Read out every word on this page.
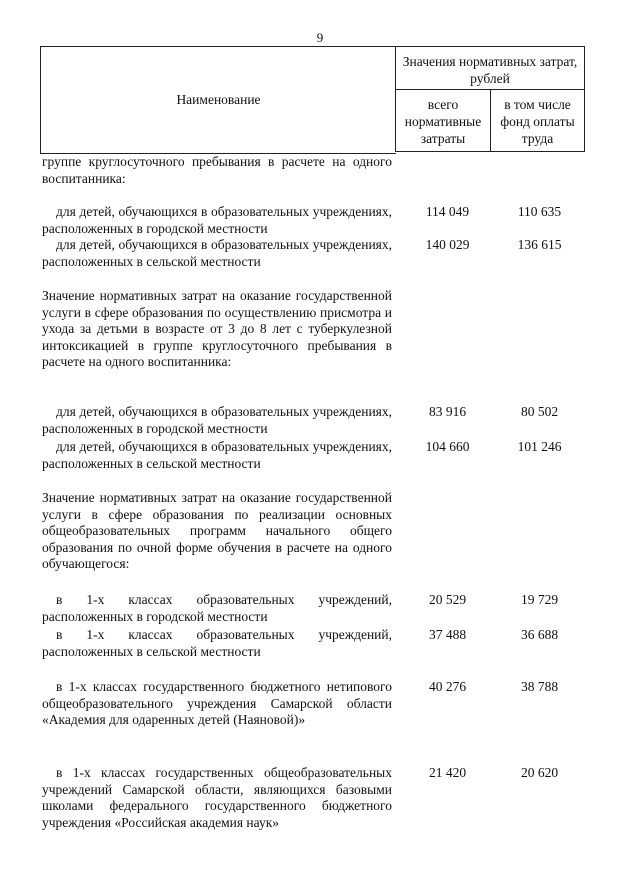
9
Наименование
Значения нормативных затрат, рублей
всего нормативные затраты
в том числе фонд оплаты труда
группе круглосуточного пребывания в расчете на одного воспитанника:
для детей, обучающихся в образовательных учреждениях, расположенных в городской местности
114 049	110 635
для детей, обучающихся в образовательных учреждениях, расположенных в сельской местности
140 029	136 615
Значение нормативных затрат на оказание государственной услуги в сфере образования по осуществлению присмотра и ухода за детьми в возрасте от 3 до 8 лет с туберкулезной интоксикацией в группе круглосуточного пребывания в расчете на одного воспитанника:
для детей, обучающихся в образовательных учреждениях, расположенных в городской местности
83 916	80 502
для детей, обучающихся в образовательных учреждениях, расположенных в сельской местности
104 660	101 246
Значение нормативных затрат на оказание государственной услуги в сфере образования по реализации основных общеобразовательных программ начального общего образования по очной форме обучения в расчете на одного обучающегося:
в 1-х классах образовательных учреждений, расположенных в городской местности
20 529	19 729
в 1-х классах образовательных учреждений, расположенных в сельской местности
37 488	36 688
в 1-х классах государственного бюджетного нетипового общеобразовательного учреждения Самарской области «Академия для одаренных детей (Наяновой)»
40 276	38 788
в 1-х классах государственных общеобразовательных учреждений Самарской области, являющихся базовыми школами федерального государственного бюджетного учреждения «Российская академия наук»
21 420	20 620
